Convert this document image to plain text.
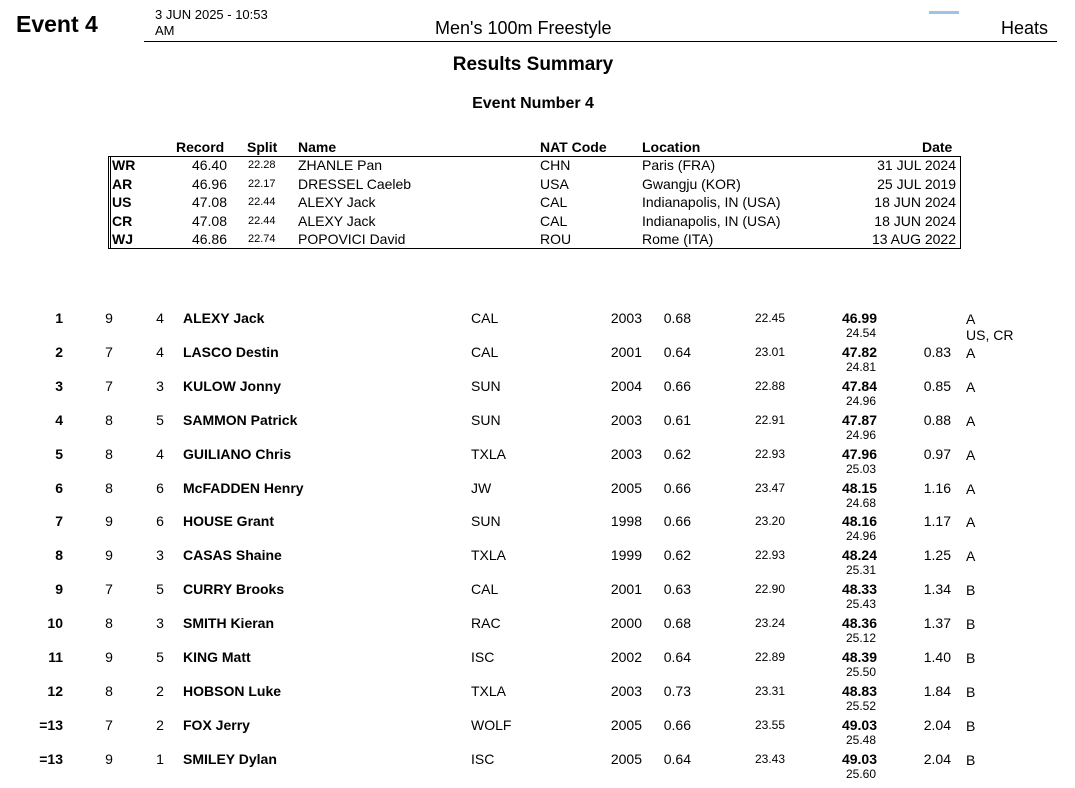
Event 4	3 JUN 2025 - 10:53
AM	Men's 100m Freestyle	Heats
Results Summary
Event Number 4
Record Split Name	NAT Code	Location	Date
WR	46.40 22.28 ZHANLE Pan	CHN	Paris (FRA)	31 JUL 2024
AR	46.96 22.17 DRESSEL Caeleb	USA	Gwangju (KOR)	25 JUL 2019
US	47.08 22.44 ALEXY Jack	CAL	Indianapolis, IN (USA)	18 JUN 2024
CR	47.08 22.44 ALEXY Jack	CAL	Indianapolis, IN (USA)	18 JUN 2024
WJ	46.86 22.74 POPOVICI David	ROU	Rome (ITA)	13 AUG 2022
1	9	4	ALEXY Jack	CAL	2003	0.68	22.45	46.99
24.54
A
US, CR
2	7	4	LASCO Destin	CAL	2001	0.64	23.01	47.82
24.81
0.83 A
3	7	3	KULOW Jonny	SUN	2004	0.66	22.88	47.84
24.96
0.85 A
4	8	5	SAMMON Patrick	SUN	2003	0.61	22.91	47.87
24.96
0.88 A
5	8	4	GUILIANO Chris	TXLA	2003	0.62	22.93	47.96
25.03
0.97 A
6	8	6	McFADDEN Henry	JW	2005	0.66	23.47	48.15
24.68
1.16 A
7	9	6	HOUSE Grant	SUN	1998	0.66	23.20	48.16
24.96
1.17 A
8	9	3	CASAS Shaine	TXLA	1999	0.62	22.93	48.24
25.31
1.25 A
9	7	5	CURRY Brooks	CAL	2001	0.63	22.90	48.33
25.43
1.34 B
10	8	3	SMITH Kieran	RAC	2000	0.68	23.24	48.36
25.12
1.37 B
11	9	5	KING Matt	ISC	2002	0.64	22.89	48.39
25.50
1.40 B
12	8	2	HOBSON Luke	TXLA	2003	0.73	23.31	48.83
25.52
1.84 B
=13	7	2	FOX Jerry	WOLF	2005	0.66	23.55	49.03
25.48
2.04 B
=13	9	1	SMILEY Dylan	ISC	2005	0.64	23.43	49.03
25.60
2.04 B
